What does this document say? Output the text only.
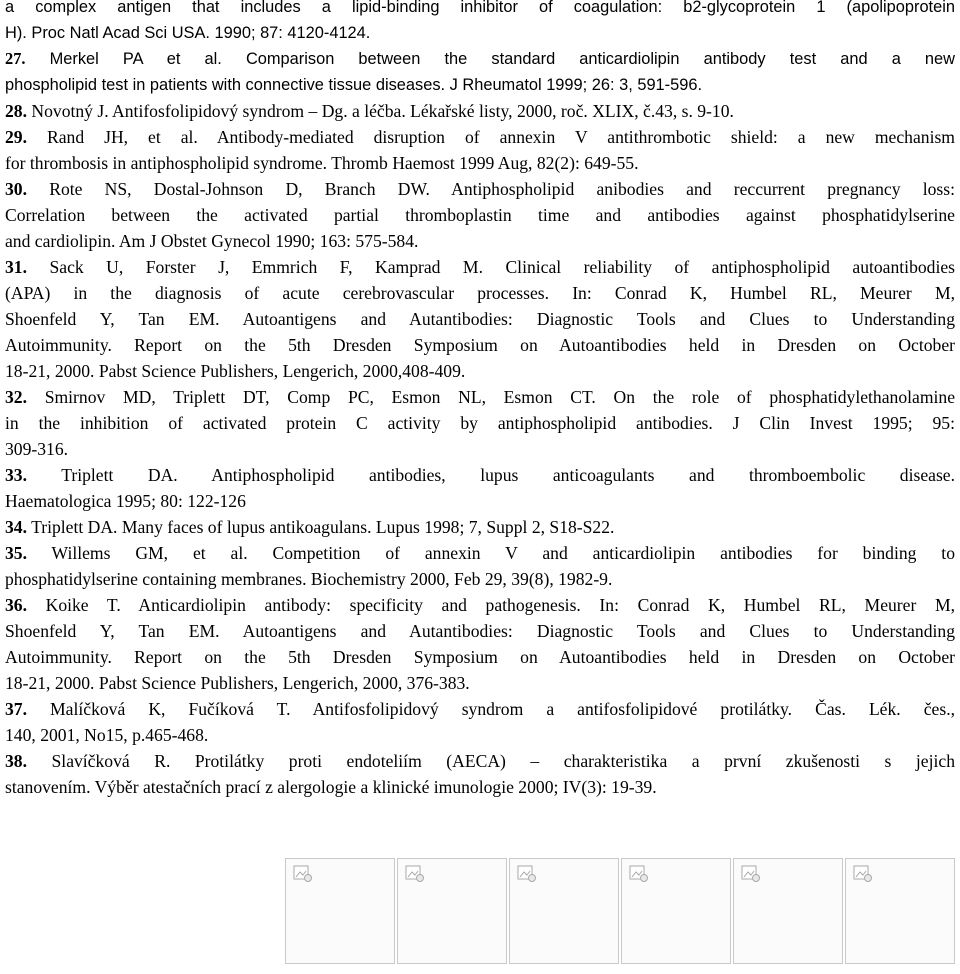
a complex antigen that includes a lipid-binding inhibitor of coagulation: b2-glycoprotein 1 (apolipoprotein
H). Proc Natl Acad Sci USA. 1990; 87: 4120-4124.
27. Merkel PA et al. Comparison between the standard anticardiolipin antibody test and a new
phospholipid test in patients with connective tissue diseases. J Rheumatol 1999; 26: 3, 591-596.
28. Novotný J. Antifosfolipidový syndrom – Dg. a léčba. Lékařské listy, 2000, roč. XLIX, č.43, s. 9-10.
29. Rand JH, et al. Antibody-mediated disruption of annexin V antithrombotic shield: a new mechanism
for thrombosis in antiphospholipid syndrome. Thromb Haemost 1999 Aug, 82(2): 649-55.
30. Rote NS, Dostal-Johnson D, Branch DW. Antiphospholipid anibodies and reccurrent pregnancy loss:
Correlation between the activated partial thromboplastin time and antibodies against phosphatidylserine
and cardiolipin. Am J Obstet Gynecol 1990; 163: 575-584.
31. Sack U, Forster J, Emmrich F, Kamprad M. Clinical reliability of antiphospholipid autoantibodies
(APA) in the diagnosis of acute cerebrovascular processes. In: Conrad K, Humbel RL, Meurer M,
Shoenfeld Y, Tan EM. Autoantigens and Autantibodies: Diagnostic Tools and Clues to Understanding
Autoimmunity. Report on the 5th Dresden Symposium on Autoantibodies held in Dresden on October
18-21, 2000. Pabst Science Publishers, Lengerich, 2000,408-409.
32. Smirnov MD, Triplett DT, Comp PC, Esmon NL, Esmon CT. On the role of phosphatidylethanolamine
in the inhibition of activated protein C activity by antiphospholipid antibodies. J Clin Invest 1995; 95:
309-316.
33. Triplett DA. Antiphospholipid antibodies, lupus anticoagulants and thromboembolic disease.
Haematologica 1995; 80: 122-126
34. Triplett DA. Many faces of lupus antikoagulans. Lupus 1998; 7, Suppl 2, S18-S22.
35. Willems GM, et al. Competition of annexin V and anticardiolipin antibodies for binding to
phosphatidylserine containing membranes. Biochemistry 2000, Feb 29, 39(8), 1982-9.
36. Koike T. Anticardiolipin antibody: specificity and pathogenesis. In: Conrad K, Humbel RL, Meurer M,
Shoenfeld Y, Tan EM. Autoantigens and Autantibodies: Diagnostic Tools and Clues to Understanding
Autoimmunity. Report on the 5th Dresden Symposium on Autoantibodies held in Dresden on October
18-21, 2000. Pabst Science Publishers, Lengerich, 2000, 376-383.
37. Malíčková K, Fučíková T. Antifosfolipidový syndrom a antifosfolipidové protilátky. Čas. Lék. čes.,
140, 2001, No15, p.465-468.
38. Slavíčková R. Protilátky proti endoteliím (AECA) – charakteristika a první zkušenosti s jejich
stanovením. Výběr atestačních prací z alergologie a klinické imunologie 2000; IV(3): 19-39.
